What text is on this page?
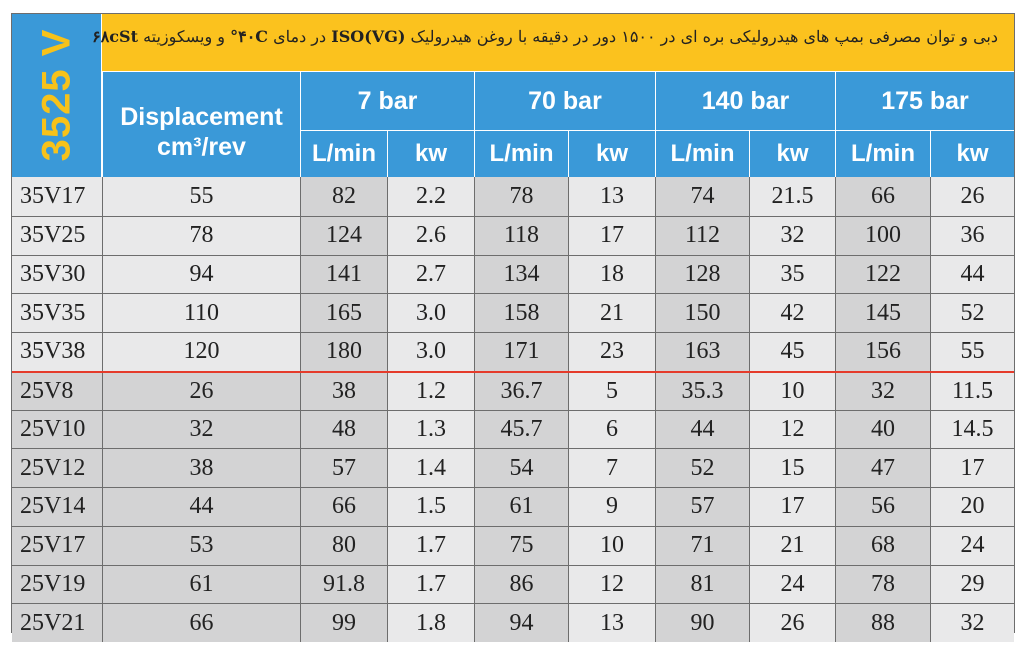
3525 V	دبی و توان مصرفی بمپ های هیدرولیکی بره ای در ۱۵۰۰ دور در دقیقه با روغن هیدرولیک ISO(VG) در دمای ۴۰C° و ویسکوزیته ۶۸cSt
Displacement
cm³/rev
7 bar	70 bar	140 bar	175 bar
L/min	kw	L/min	kw	L/min	kw	L/min	kw
35V17	55	82	2.2	78	13	74	21.5	66	26
35V25	78	124	2.6	118	17	112	32	100	36
35V30	94	141	2.7	134	18	128	35	122	44
35V35	110	165	3.0	158	21	150	42	145	52
35V38	120	180	3.0	171	23	163	45	156	55
25V8	26	38	1.2	36.7	5	35.3	10	32	11.5
25V10	32	48	1.3	45.7	6	44	12	40	14.5
25V12	38	57	1.4	54	7	52	15	47	17
25V14	44	66	1.5	61	9	57	17	56	20
25V17	53	80	1.7	75	10	71	21	68	24
25V19	61	91.8	1.7	86	12	81	24	78	29
25V21	66	99	1.8	94	13	90	26	88	32
